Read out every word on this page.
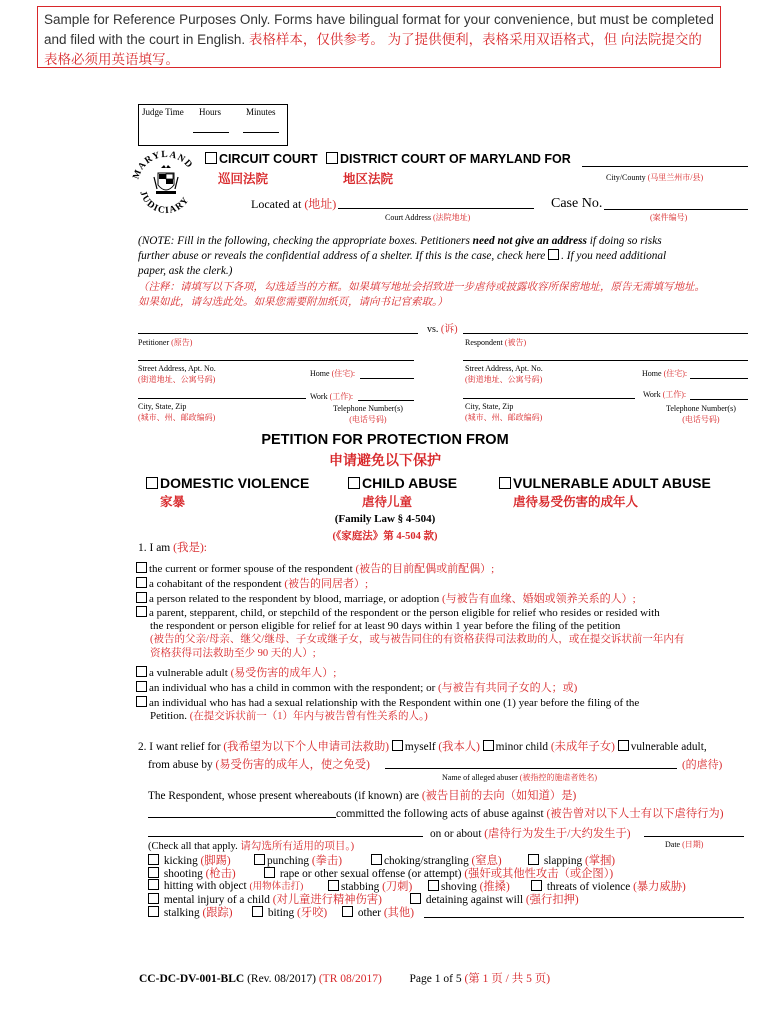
Sample for Reference Purposes Only. Forms have bilingual format for your convenience, but must be completed and filed with the court in English. 表格样本，仅供参考。 为了提供便利，表格采用双语格式，但 向法院提交的表格必须用英语填写。
Judge Time Hours	Minutes
MARYLAND
JUDICIARY
CIRCUIT COURT
巡回法院
DISTRICT COURT OF MARYLAND FOR
地区法院	City/County (马里兰州市/县)
Located at (地址)
Court Address (法院地址)
Case No.
(案件编号)
(NOTE: Fill in the following, checking the appropriate boxes. Petitioners need not give an address if doing so risks
further abuse or reveals the confidential address of a shelter. If this is the case, check here . If you need additional
paper, ask the clerk.)
（注释：请填写以下各项，勾选适当的方框。如果填写地址会招致进一步虐待或披露收容所保密地址，原告无需填写地址。
如果如此，请勾选此处。如果您需要附加纸页，请向书记官索取。）
vs. (诉)
Petitioner (原告)	Respondent (被告)
Street Address, Apt. No.
(街道地址、公寓号码)
Home (住宅):
Work (工作):
City, State, Zip
(城市、州、邮政编码)
Telephone Number(s)
(电话号码)
Street Address, Apt. No.
(街道地址、公寓号码)
Home (住宅):
Work (工作):
City, State, Zip
(城市、州、邮政编码)
Telephone Number(s)
(电话号码)
PETITION FOR PROTECTION FROM
申请避免以下保护
DOMESTIC VIOLENCE
家暴
CHILD ABUSE
虐待儿童
VULNERABLE ADULT ABUSE
虐待易受伤害的成年人
(Family Law § 4-504)
(《家庭法》第 4-504 款)
1. I am (我是):
the current or former spouse of the respondent (被告的目前配偶或前配偶）;
a cohabitant of the respondent (被告的同居者）;
a person related to the respondent by blood, marriage, or adoption (与被告有血缘、婚姻或领养关系的人）;
a parent, stepparent, child, or stepchild of the respondent or the person eligible for relief who resides or resided with
the respondent or person eligible for relief for at least 90 days within 1 year before the filing of the petition
(被告的父亲/母亲、继父/继母、子女或继子女，或与被告同住的有资格获得司法救助的人，或在提交诉状前一年内有
资格获得司法救助至少 90 天的人）;
a vulnerable adult (易受伤害的成年人）;
an individual who has a child in common with the respondent; or (与被告有共同子女的人；或)
an individual who has had a sexual relationship with the Respondent within one (1) year before the filing of the
Petition. (在提交诉状前一（1）年内与被告曾有性关系的人。)
2. I want relief for (我希望为以下个人申请司法救助) myself (我本人) minor child (未成年子女) vulnerable adult,
from abuse by (易受伤害的成年人，使之免受)	(的虐待)
Name of alleged abuser (被指控的施虐者姓名)
The Respondent, whose present whereabouts (if known) are (被告目前的去向（如知道）是)
committed the following acts of abuse against (被告曾对以下人士有以下虐待行为)
on or about (虐待行为发生于/大约发生于)
Date (日期)
(Check all that apply. 请勾选所有适用的项目。)
kicking (脚踢)	punching (拳击)	choking/strangling (窒息)	slapping (掌掴)
shooting (枪击)	rape or other sexual offense (or attempt) (强奸或其他性攻击（或企图）)
hitting with object (用物体击打)	stabbing (刀刺)	shoving (推搡)	threats of violence (暴力威胁)
mental injury of a child (对儿童进行精神伤害)	detaining against will (强行扣押)
stalking (跟踪)	biting (牙咬)	other (其他)
CC-DC-DV-001-BLC (Rev. 08/2017) (TR 08/2017) Page 1 of 5 (第 1 页 / 共 5 页)
